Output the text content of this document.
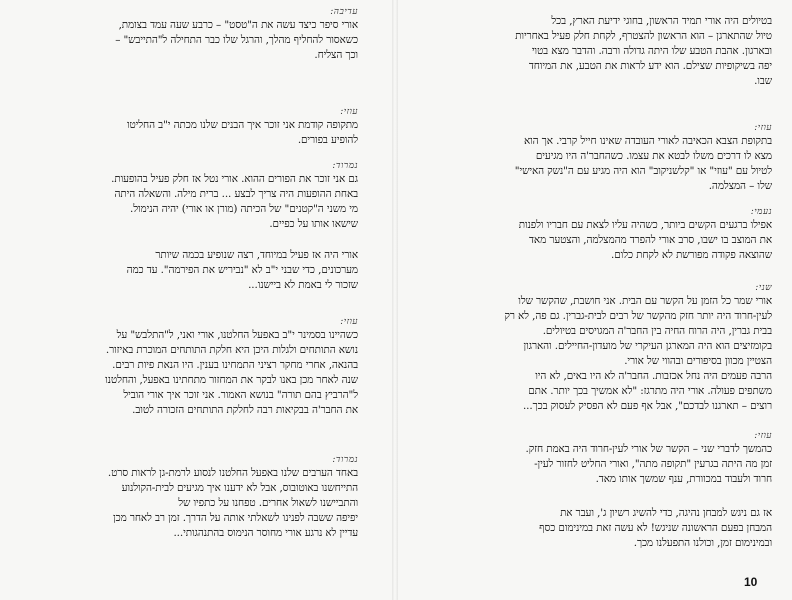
עדיבה:

אורי סיפר כיצד עשה את ה"טסט" – כרבע שעה עמד בצומת,

כשאסור להחליף מהלך, והרגל שלו כבר התחילה ל"התייבש" –

וכך הצליח.

עוזי:

מתקופה קודמת אני זוכר איך הבנים שלנו מכתה י"ב החליטו

להופיע בפורים.

נמרוד:

גם אני זוכר את הפורים ההוא. אורי נטל אז חלק פעיל בהופעות.

באחת ההופעות היה צריך לבצע ... ברית מילה. והשאלה היתה

מי משני ה"קטנים" של הכיתה (מורן או אורי) יהיה הנימול.

שישאו אותו על כפיים.

אורי היה אז פעיל במיוחד, רצה שנופיע בכמה שיותר

מערכונים, כדי שבני י"ב לא "נביריש את הפירמה". עד כמה

שזכור לי באמת לא ביישנו...

עוזי:

כשהיינו בסמינר י"ב באפעל החלטנו, אורי ואני, ל"התלבש" על

נושא התותחים ולגלות היכן היא חלקת התותחים המוכרת באיזור.

בהנאה, אחרי מחקר רציני התמחינו בענין. היו הנאת פיות רבים.

שנה לאחר מכן באנו לבקר את המחזור מתחתינו באפעל, והחלטנו

ל"הרביץ בהם תורה" בנושא האמור. אני זוכר איך אורי הוביל

את החבר'ה בבקיאות רבה לחלקת התותחים הזכורה לטוב.

נמרוד:

באחד הערבים שלנו באפעל החלטנו לנסוע לרמת-גן לראות סרט.

התייחשנו באוטובוס, אבל לא ידענו איך מגיעים לבית-הקולנוע

והתביישנו לשאול אחרים. טפחנו על כתפיו של

יפיפה ששבה לפנינו לשאלתי אותה על הדרך. זמן רב לאחר מכן

עדיין לא נרגע אורי מחוסר הנימוס בהתנהגותי...

בטיולים היה אורי תמיד הראשון, בחוגי ידיעת הארץ, בכל

טיול שהתארגן – הוא הראשון להצטרף, לקחת חלק פעיל באחריות

ובארגון. אהבת הטבע שלו היתה גדולה ורבה. והדבר מצא בטוי

יפה בשיקופיות שצילם. הוא ידע לראות את הטבע, את המיוחד

שבו.

עוזי:

בתקופת הצבא הכאיבה לאורי העובדה שאינו חייל קרבי. אך הוא

מצא לו דרכים משלו לבטא את עצמו. כשהחבר'ה היו מגיעים

לטיול עם "עוזי" או "קלשניקוב" הוא היה מגיע עם ה"נשק האישי"

שלו – המצלמה.

נעמי:

אפילו ברגעים הקשים ביותר, כשהיה עליו לצאת עם חבריו ולפנות

את המוצב בו ישבו, סרב אורי להפרד מהמצלמה, והצטער מאד

שהוצאה פקודה מפורשת לא לקחת כלום.

שני:

אורי שמר כל הזמן על הקשר עם הבית. אני חושבת, שהקשר שלו

לעין-חרוד היה יותר חזק מהקשר של רבים לבית-גברין. גם פה, לא רק

בבית גברין, היה הרוח החיה בין החבר'ה המגויסים בטיולים.

בקומזיצים הוא היה המארגן העיקרי של מועדון-החיילים. והארגון

הצטיין מכוון בסיפורים ובהווי של אורי.

הרבה פעמים היה נחל אכזבות. החבר'ה לא היו באים, לא היו

משתפים פעולה. אורי היה מתרגז: "לא אמשיך בכך יותר. אתם

רוצים – תארגנו לבדכם", אבל אף פעם לא הפסיק לעסוק בכך...

עוזי:

כהמשך לדברי שני – הקשר של אורי לעין-חרוד היה באמת חזק.

זמן מה היתה בגרעין "תקופה מתה", ואורי החליט לחזור לעין-

חרוד ולעבוד במכוורת, ענף שמשך אותו מאד.

אז גם ניגש למבחן נהיגה, כדי להשיג רשיון ג', ועבר את

המבחן בפעם הראשונה שניגש! לא עשה זאת במינימום כסף

ובמינימום זמן, וכולנו התפעלנו מכך.

10
